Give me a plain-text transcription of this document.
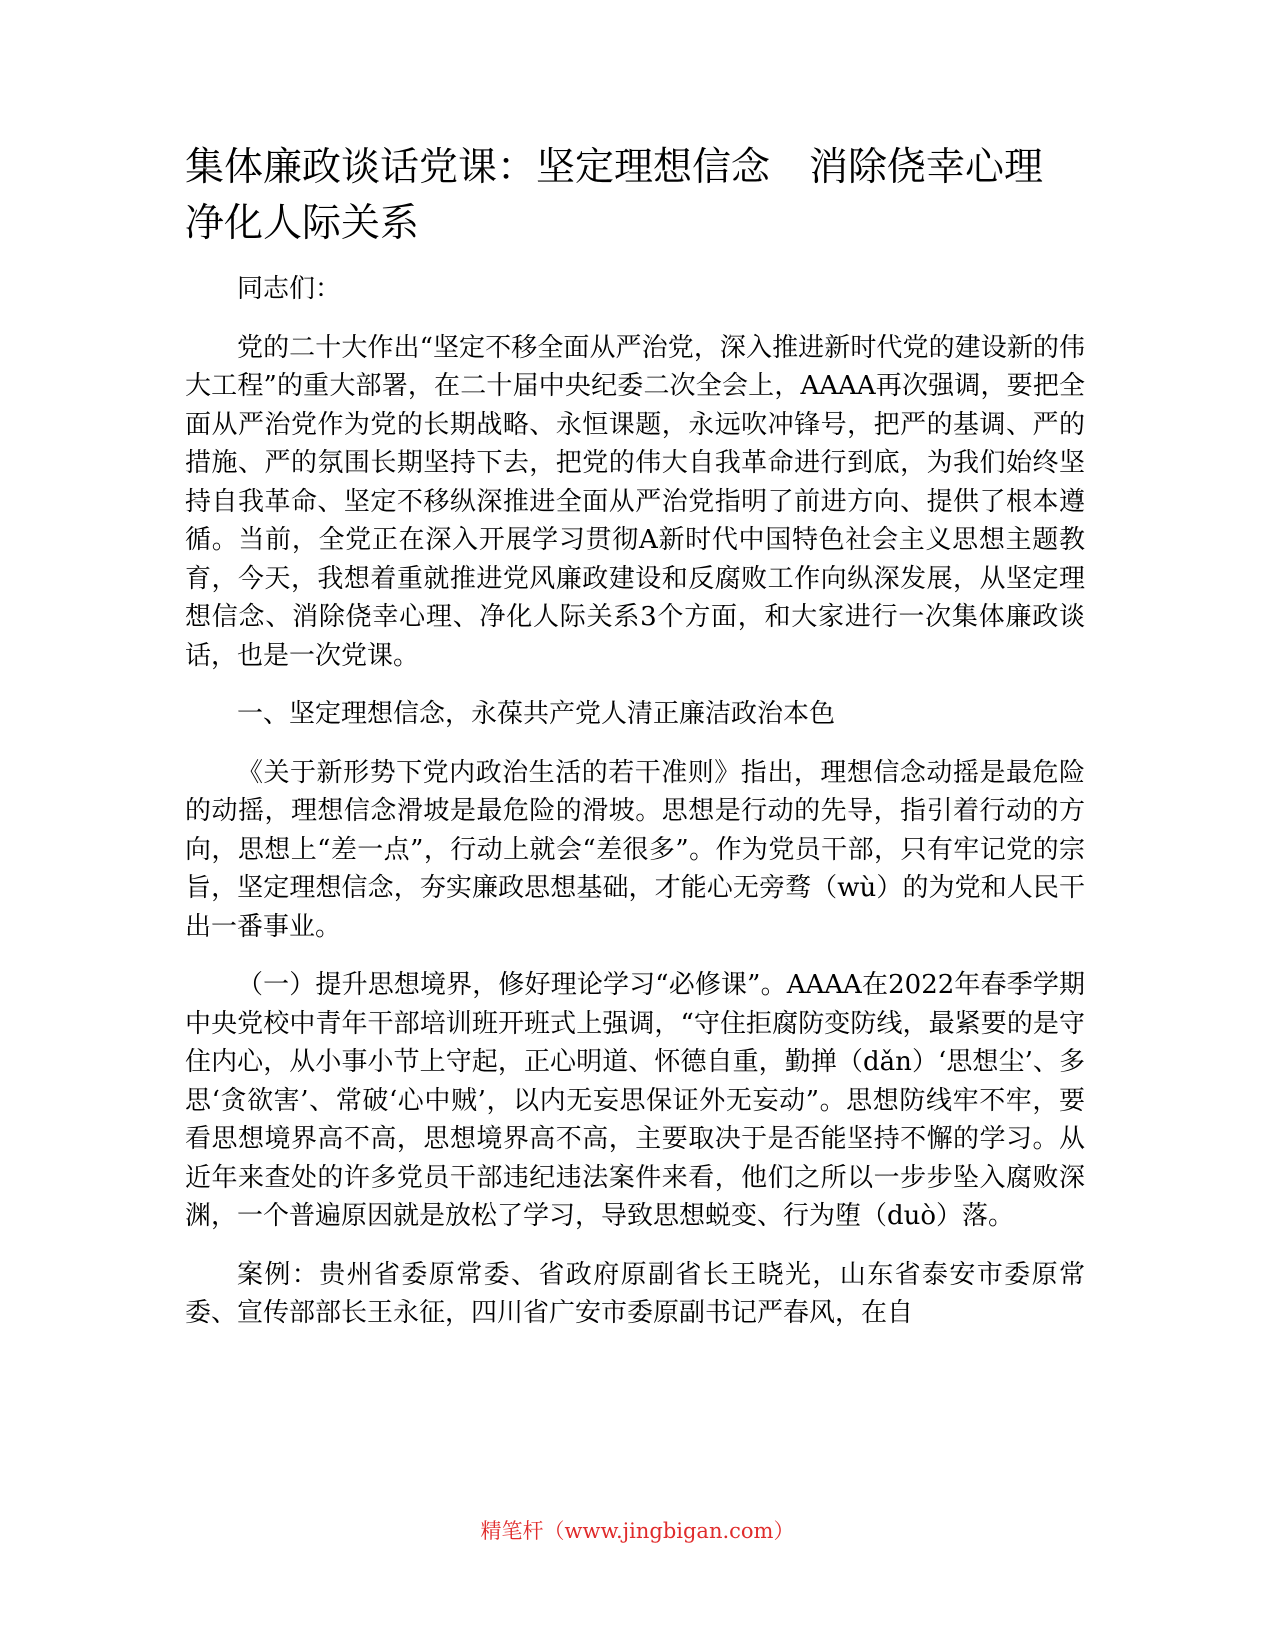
集体廉政谈话党课：坚定理想信念　消除侥幸心理　净化人际关系

同志们：

党的二十大作出“坚定不移全面从严治党，深入推进新时代党的建设新的伟大工程”的重大部署，在二十届中央纪委二次全会上，AAAA再次强调，要把全面从严治党作为党的长期战略、永恒课题，永远吹冲锋号，把严的基调、严的措施、严的氛围长期坚持下去，把党的伟大自我革命进行到底，为我们始终坚持自我革命、坚定不移纵深推进全面从严治党指明了前进方向、提供了根本遵循。当前，全党正在深入开展学习贯彻A新时代中国特色社会主义思想主题教育，今天，我想着重就推进党风廉政建设和反腐败工作向纵深发展，从坚定理想信念、消除侥幸心理、净化人际关系3个方面，和大家进行一次集体廉政谈话，也是一次党课。

一、坚定理想信念，永葆共产党人清正廉洁政治本色

《关于新形势下党内政治生活的若干准则》指出，理想信念动摇是最危险的动摇，理想信念滑坡是最危险的滑坡。思想是行动的先导，指引着行动的方向，思想上“差一点”，行动上就会“差很多”。作为党员干部，只有牢记党的宗旨，坚定理想信念，夯实廉政思想基础，才能心无旁骛（wù）的为党和人民干出一番事业。

（一）提升思想境界，修好理论学习“必修课”。AAAA在2022年春季学期中央党校中青年干部培训班开班式上强调，“守住拒腐防变防线，最紧要的是守住内心，从小事小节上守起，正心明道、怀德自重，勤掸（dǎn）‘思想尘’、多思‘贪欲害’、常破‘心中贼’，以内无妄思保证外无妄动”。思想防线牢不牢，要看思想境界高不高，思想境界高不高，主要取决于是否能坚持不懈的学习。从近年来查处的许多党员干部违纪违法案件来看，他们之所以一步步坠入腐败深渊，一个普遍原因就是放松了学习，导致思想蜕变、行为堕（duò）落。

案例：贵州省委原常委、省政府原副省长王晓光，山东省泰安市委原常委、宣传部部长王永征，四川省广安市委原副书记严春风，在自

精笔杆（www.jingbigan.com）
